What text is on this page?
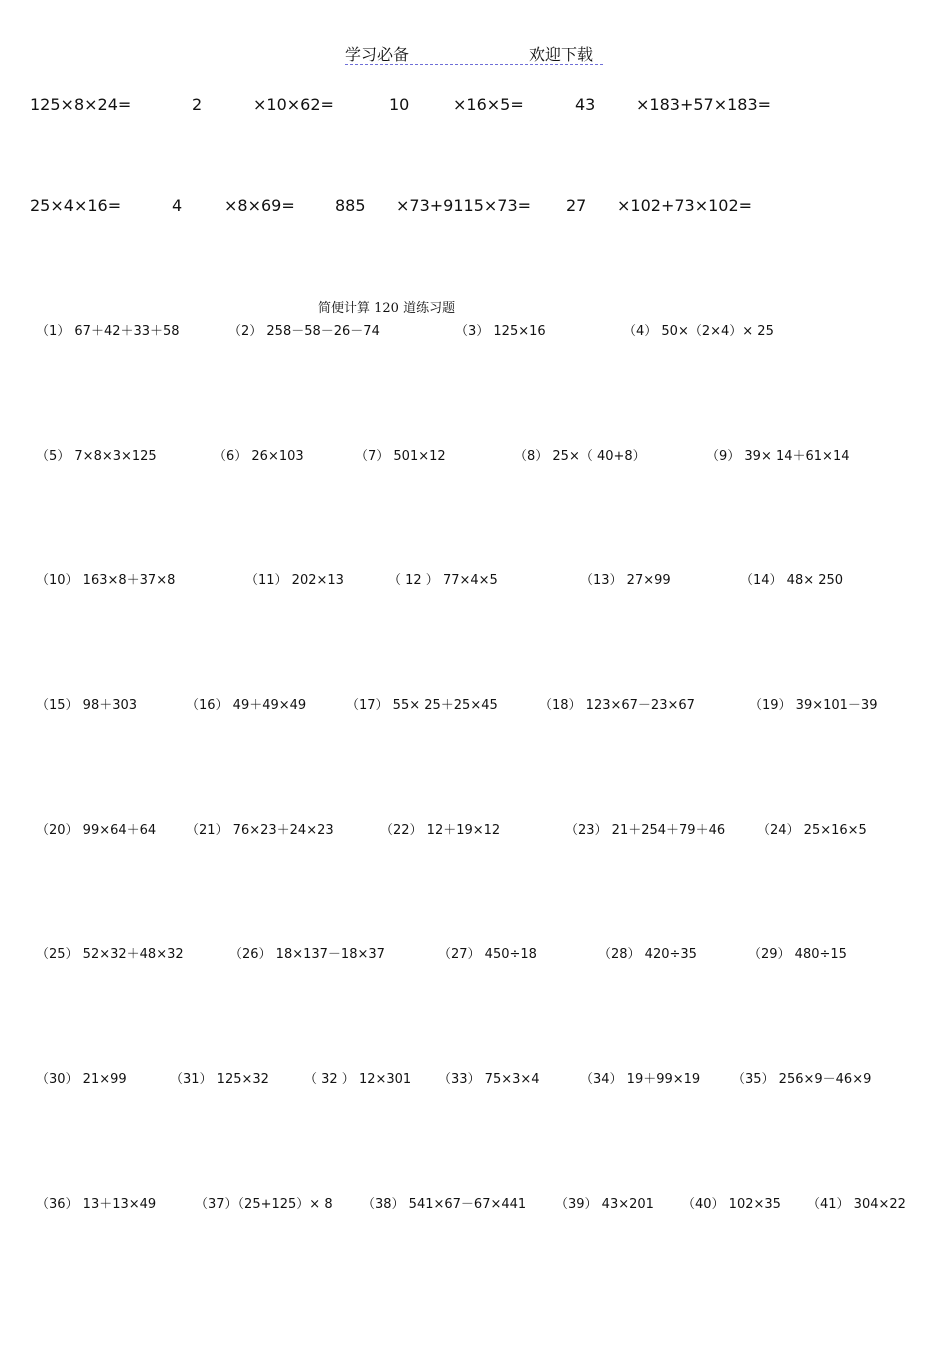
学习必备	欢迎下载
125×8×24=	2	×10×62=	10	×16×5=	43	×183+57×183=
25×4×16=	4	×8×69=	885 ×73+9115×73= 27 ×102+73×102=
简便计算 120 道练习题
（1） 67＋42＋33＋58	（2） 258－58－26－74	（3） 125×16	（4） 50×（2×4）× 25
（5） 7×8×3×125	（6） 26×103	（7） 501×12	（8） 25×（ 40+8）	（9） 39× 14＋61×14
（10） 163×8＋37×8	（11） 202×13	（ 12 ） 77×4×5	（13） 27×99	（14） 48× 250
（15） 98＋303	（16） 49＋49×49	（17） 55× 25＋25×45	（18） 123×67－23×67	（19） 39×101－39
（20） 99×64＋64 （21） 76×23＋24×23	（22） 12＋19×12	（23） 21＋254＋79＋46 （24） 25×16×5
（25） 52×32＋48×32	（26） 18×137－18×37	（27） 450÷18	（28） 420÷35	（29） 480÷15
（30） 21×99	（31） 125×32	（ 32 ） 12×301 （33） 75×3×4	（34） 19＋99×19 （35） 256×9－46×9
（36） 13＋13×49	（37）（25+125）× 8 （38） 541×67－67×441 （39） 43×201 （40） 102×35 （41） 304×22
